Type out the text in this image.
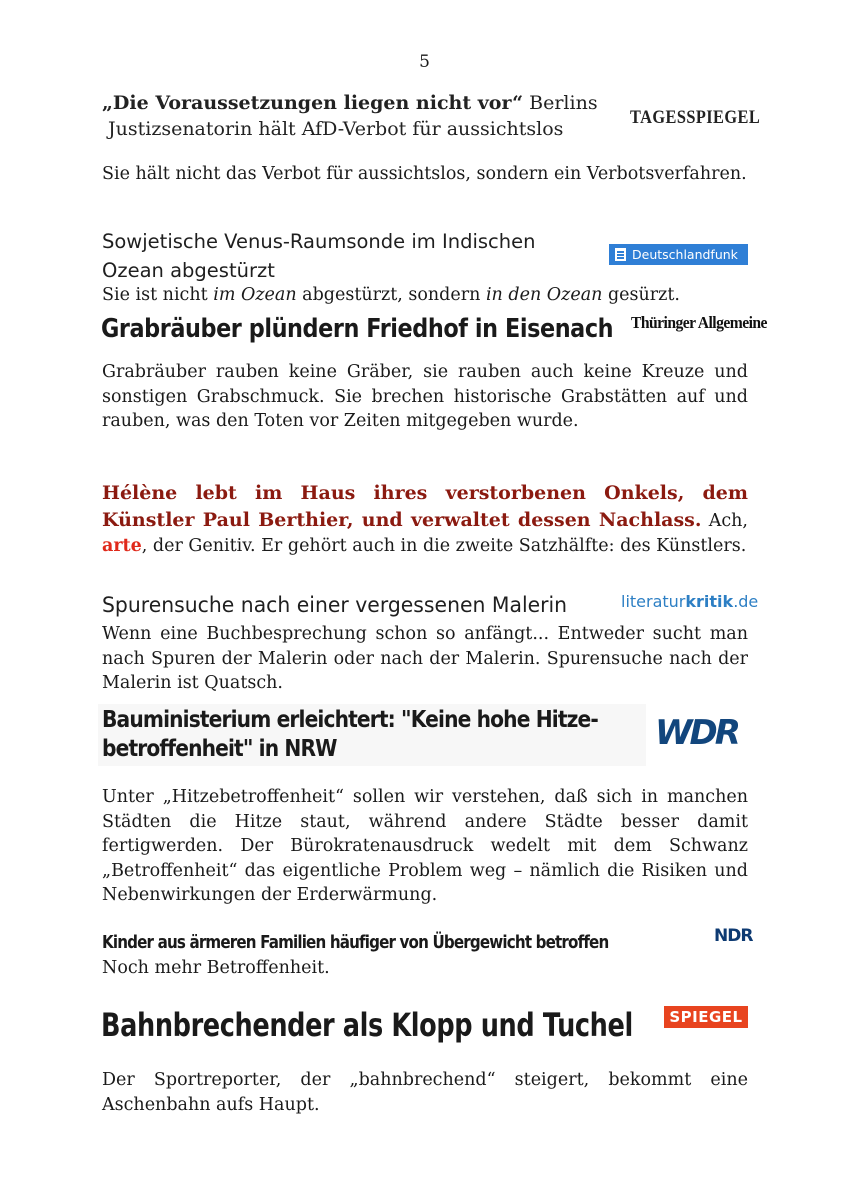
5
„Die Voraussetzungen liegen nicht vor“ Berlins
Justizsenatorin hält AfD-Verbot für aussichtslos
TAGESSPIEGEL

Sie hält nicht das Verbot für aussichtslos, sondern ein Verbotsverfahren.

Sowjetische Venus-Raumsonde im Indischen
Ozean abgestürzt
Deutschlandfunk

Sie ist nicht im Ozean abgestürzt, sondern in den Ozean gesürzt.

Grabräuber plündern Friedhof in Eisenach Thüringer Allgemeine

Grabräuber rauben keine Gräber, sie rauben auch keine Kreuze und sonstigen Grabschmuck. Sie brechen historische Grabstätten auf und rauben, was den Toten vor Zeiten mitgegeben wurde.

Hélène lebt im Haus ihres verstorbenen Onkels, dem Künstler Paul Berthier, und verwaltet dessen Nachlass. Ach, arte, der Genitiv. Er gehört auch in die zweite Satzhälfte: des Künstlers.

Spurensuche nach einer vergessenen Malerin	literaturkritik.de

Wenn eine Buchbesprechung schon so anfängt... Entweder sucht man nach Spuren der Malerin oder nach der Malerin. Spurensuche nach der Malerin ist Quatsch.

Bauministerium erleichtert: "Keine hohe Hitze-
betroffenheit" in NRW	WDR

Unter „Hitzebetroffenheit“ sollen wir verstehen, daß sich in manchen Städten die Hitze staut, während andere Städte besser damit fertigwerden. Der Bürokratenausdruck wedelt mit dem Schwanz „Betroffenheit“ das eigentliche Problem weg – nämlich die Risiken und Nebenwirkungen der Erderwärmung.

Kinder aus ärmeren Familien häufiger von Übergewicht betroffen	NDR

Noch mehr Betroffenheit.

Bahnbrechender als Klopp und Tuchel	SPIEGEL

Der Sportreporter, der „bahnbrechend“ steigert, bekommt eine Aschenbahn aufs Haupt.
